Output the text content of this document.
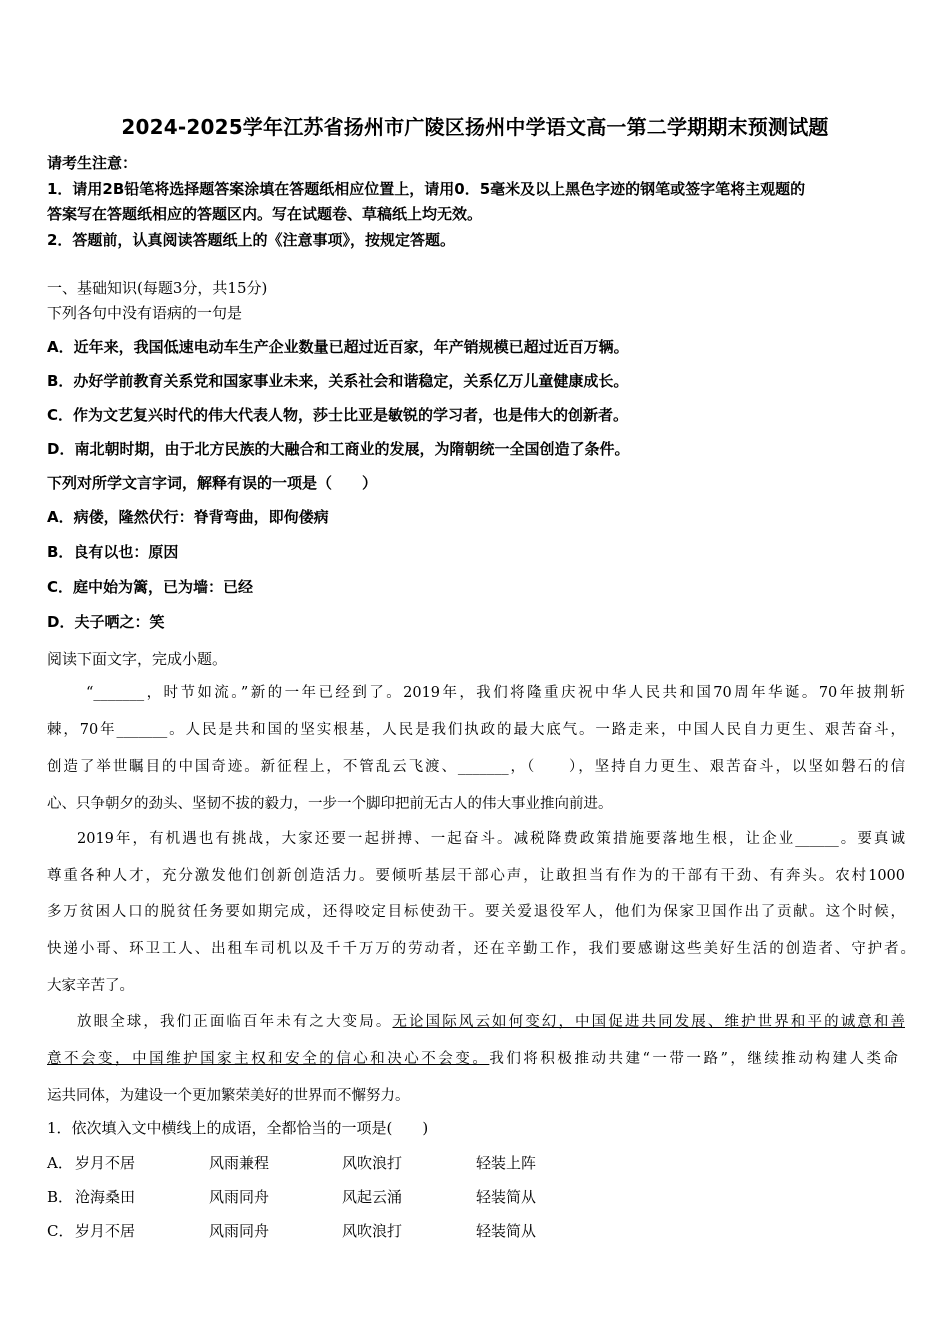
2024-2025学年江苏省扬州市广陵区扬州中学语文高一第二学期期末预测试题
请考生注意：
1．请用2B铅笔将选择题答案涂填在答题纸相应位置上，请用0．5毫米及以上黑色字迹的钢笔或签字笔将主观题的
答案写在答题纸相应的答题区内。写在试题卷、草稿纸上均无效。
2．答题前，认真阅读答题纸上的《注意事项》，按规定答题。
一、基础知识(每题3分，共15分)
下列各句中没有语病的一句是
A．近年来，我国低速电动车生产企业数量已超过近百家，年产销规模已超过近百万辆。
B．办好学前教育关系党和国家事业未来，关系社会和谐稳定，关系亿万儿童健康成长。
C．作为文艺复兴时代的伟大代表人物，莎士比亚是敏锐的学习者，也是伟大的创新者。
D．南北朝时期，由于北方民族的大融合和工商业的发展，为隋朝统一全国创造了条件。
下列对所学文言字词，解释有误的一项是（　　）
A．病偻，隆然伏行：脊背弯曲，即佝偻病
B．良有以也：原因
C．庭中始为篱，已为墙：已经
D．夫子哂之：笑
阅读下面文字，完成小题。
“_______，时节如流。”新的一年已经到了。2019年，我们将隆重庆祝中华人民共和国70周年华诞。70年披荆斩
棘，70年_______。人民是共和国的坚实根基，人民是我们执政的最大底气。一路走来，中国人民自力更生、艰苦奋斗，
创造了举世瞩目的中国奇迹。新征程上，不管乱云飞渡、_______，（　　），坚持自力更生、艰苦奋斗，以坚如磐石的信
心、只争朝夕的劲头、坚韧不拔的毅力，一步一个脚印把前无古人的伟大事业推向前进。
2019年，有机遇也有挑战，大家还要一起拼搏、一起奋斗。减税降费政策措施要落地生根，让企业______。要真诚
尊重各种人才，充分激发他们创新创造活力。要倾听基层干部心声，让敢担当有作为的干部有干劲、有奔头。农村1000
多万贫困人口的脱贫任务要如期完成，还得咬定目标使劲干。要关爱退役军人，他们为保家卫国作出了贡献。这个时候，
快递小哥、环卫工人、出租车司机以及千千万万的劳动者，还在辛勤工作，我们要感谢这些美好生活的创造者、守护者。
大家辛苦了。
放眼全球，我们正面临百年未有之大变局。无论国际风云如何变幻，中国促进共同发展、维护世界和平的诚意和善
意不会变，中国维护国家主权和安全的信心和决心不会变。我们将积极推动共建“一带一路”，继续推动构建人类命
运共同体，为建设一个更加繁荣美好的世界而不懈努力。
1．依次填入文中横线上的成语，全都恰当的一项是(　　)
A． 岁月不居	风雨兼程	风吹浪打	轻装上阵
B． 沧海桑田	风雨同舟	风起云涌	轻装简从
C． 岁月不居	风雨同舟	风吹浪打	轻装简从
